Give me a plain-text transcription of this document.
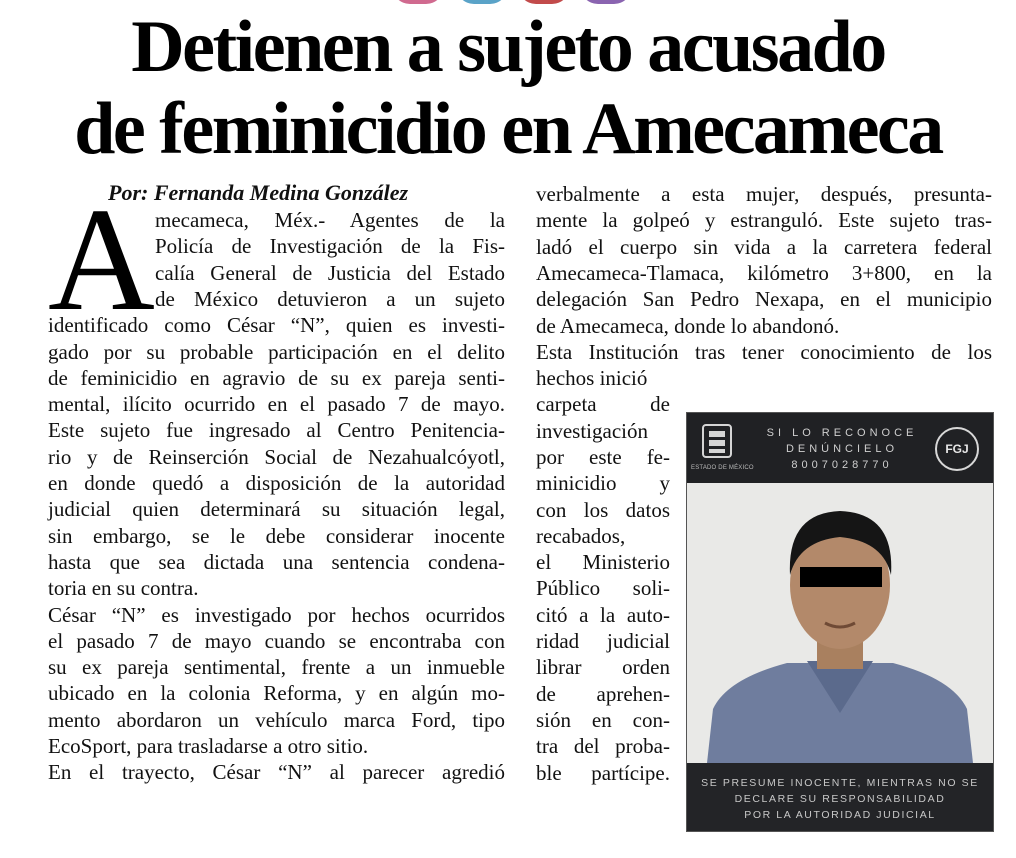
Detienen a sujeto acusado
de feminicidio en Amecameca

Por: Fernanda Medina González

A mecameca, Méx.- Agentes de la

Policía de Investigación de la Fis-

calía General de Justicia del Estado

de México detuvieron a un sujeto

identificado como César “N”, quien es investi-

gado por su probable participación en el delito

de feminicidio en agravio de su ex pareja senti-

mental, ilícito ocurrido en el pasado 7 de mayo.

Este sujeto fue ingresado al Centro Penitencia-

rio y de Reinserción Social de Nezahualcóyotl,

en donde quedó a disposición de la autoridad

judicial quien determinará su situación legal,

sin embargo, se le debe considerar inocente

hasta que sea dictada una sentencia condena-

toria en su contra.

César “N” es investigado por hechos ocurridos

el pasado 7 de mayo cuando se encontraba con

su ex pareja sentimental, frente a un inmueble

ubicado en la colonia Reforma, y en algún mo-

mento abordaron un vehículo marca Ford, tipo

EcoSport, para trasladarse a otro sitio.

En el trayecto, César “N” al parecer agredió

verbalmente a esta mujer, después, presunta-

mente la golpeó y estranguló. Este sujeto tras-

ladó el cuerpo sin vida a la carretera federal

Amecameca-Tlamaca, kilómetro 3+800, en la

delegación San Pedro Nexapa, en el municipio

de Amecameca, donde lo abandonó.

Esta Institución tras tener conocimiento de los

hechos inició

carpeta de

investigación

por este fe-

minicidio y

con los datos

recabados,

el Ministerio

Público soli-

citó a la auto-

ridad judicial

librar orden

de aprehen-

sión en con-

tra del proba-

ble partícipe.

ESTADO DE MÉXICO

SI LO RECONOCE

DENÚNCIELO

8007028770

FGJ

SE PRESUME INOCENTE, MIENTRAS NO SE

DECLARE SU RESPONSABILIDAD

POR LA AUTORIDAD JUDICIAL
